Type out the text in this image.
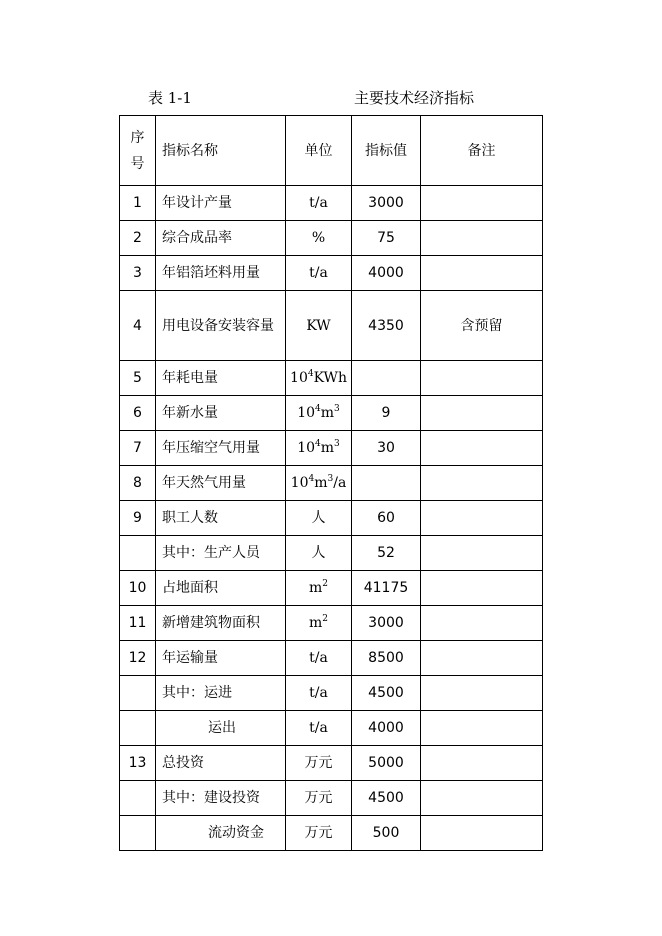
表 1-1	主要技术经济指标
序
号	指标名称	单位	指标值	备注
1	年设计产量	t/a	3000	
2	综合成品率	%	75	
3	年铝箔坯料用量	t/a	4000	
4	用电设备安装容量	KW	4350	含预留
5	年耗电量	$10^4KWh$		
6	年新水量	$10^4m^3$	9	
7	年压缩空气用量	$10^4m^3$	30	
8	年天然气用量	$10^4m^3/a$		
9	职工人数	人	60	
	其中：生产人员	人	52	
10	占地面积	$m^2$	41175	
11	新增建筑物面积	$m^2$	3000	
12	年运输量	t/a	8500	
	其中：运进	t/a	4500	
	运出	t/a	4000	
13	总投资	万元	5000	
	其中：建设投资	万元	4500	
	流动资金	万元	500	
